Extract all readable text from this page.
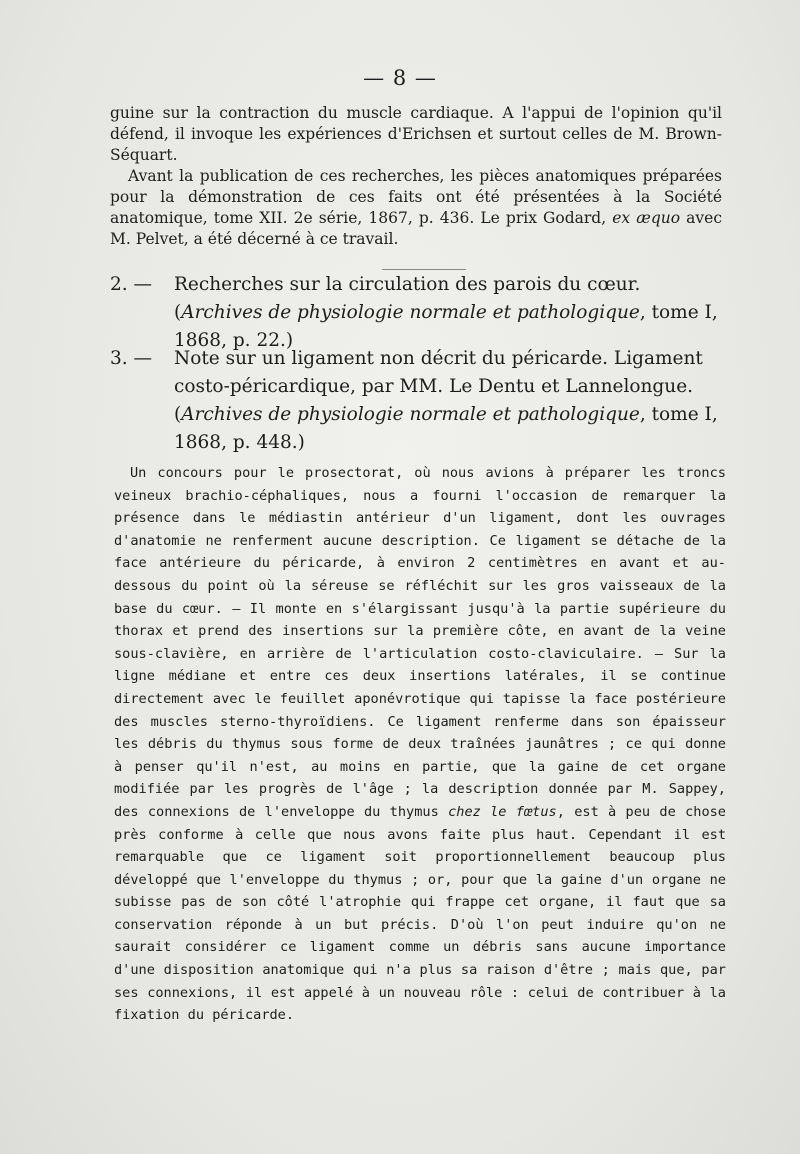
— 8 —

guine sur la contraction du muscle cardiaque. A l'appui de l'opinion qu'il défend, il invoque les expériences d'Erichsen et surtout celles de M. Brown-Séquart.

Avant la publication de ces recherches, les pièces anatomiques préparées pour la démonstration de ces faits ont été présentées à la Société anatomique, tome XII. 2e série, 1867, p. 436. Le prix Godard, ex æquo avec M. Pelvet, a été décerné à ce travail.

2. — Recherches sur la circulation des parois du cœur. (Archives de physiologie normale et pathologique, tome I, 1868, p. 22.)
3. — Note sur un ligament non décrit du péricarde. Ligament costo-péricardique, par MM. Le Dentu et Lannelongue. (Archives de physiologie normale et pathologique, tome I, 1868, p. 448.)

Un concours pour le prosectorat, où nous avions à préparer les troncs veineux brachio-céphaliques, nous a fourni l'occasion de remarquer la présence dans le médiastin antérieur d'un ligament, dont les ouvrages d'anatomie ne renferment aucune description. Ce ligament se détache de la face antérieure du péricarde, à environ 2 centimètres en avant et au-dessous du point où la séreuse se réfléchit sur les gros vaisseaux de la base du cœur. — Il monte en s'élargissant jusqu'à la partie supérieure du thorax et prend des insertions sur la première côte, en avant de la veine sous-clavière, en arrière de l'articulation costo-claviculaire. — Sur la ligne médiane et entre ces deux insertions latérales, il se continue directement avec le feuillet aponévrotique qui tapisse la face postérieure des muscles sterno-thyroïdiens. Ce ligament renferme dans son épaisseur les débris du thymus sous forme de deux traînées jaunâtres ; ce qui donne à penser qu'il n'est, au moins en partie, que la gaine de cet organe modifiée par les progrès de l'âge ; la description donnée par M. Sappey, des connexions de l'enveloppe du thymus chez le fœtus, est à peu de chose près conforme à celle que nous avons faite plus haut. Cependant il est remarquable que ce ligament soit proportionnellement beaucoup plus développé que l'enveloppe du thymus ; or, pour que la gaine d'un organe ne subisse pas de son côté l'atrophie qui frappe cet organe, il faut que sa conservation réponde à un but précis. D'où l'on peut induire qu'on ne saurait considérer ce ligament comme un débris sans aucune importance d'une disposition anatomique qui n'a plus sa raison d'être ; mais que, par ses connexions, il est appelé à un nouveau rôle : celui de contribuer à la fixation du péricarde.
